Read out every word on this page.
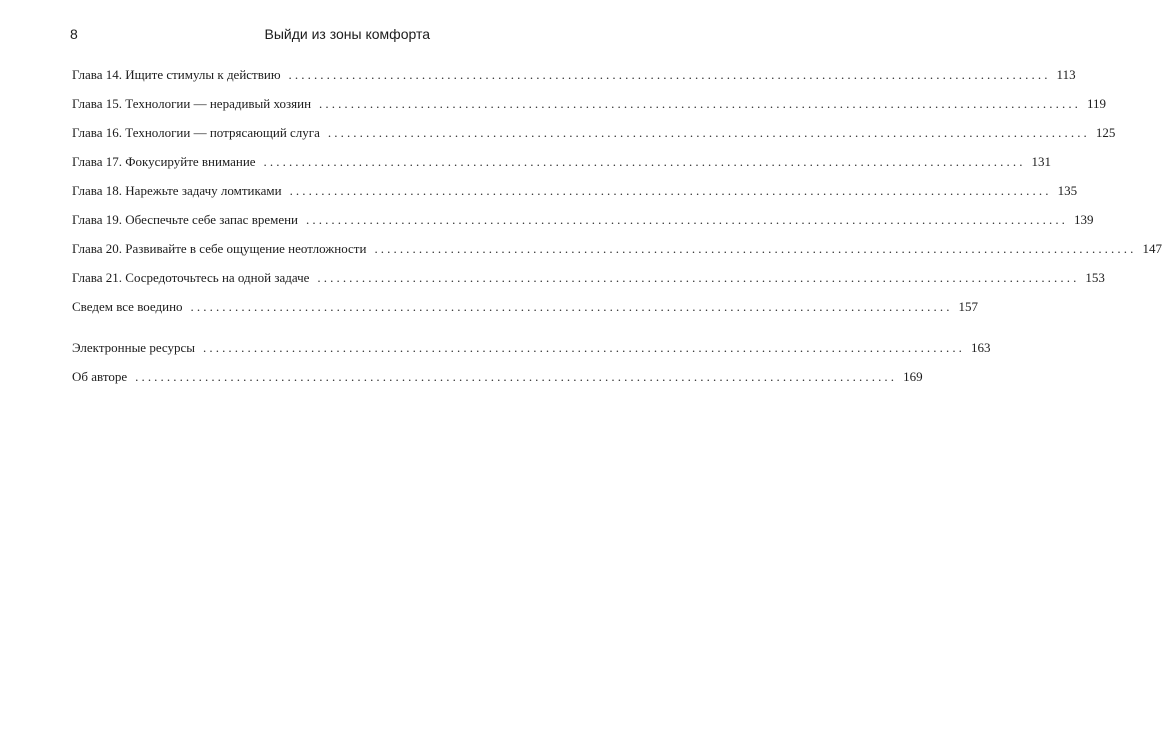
8	Выйди из зоны комфорта
Глава 14. Ищите стимулы к действию ........................................................................................................................ 113
Глава 15. Технологии — нерадивый хозяин ........................................................................................................................ 119
Глава 16. Технологии — потрясающий слуга ........................................................................................................................ 125
Глава 17. Фокусируйте внимание ........................................................................................................................ 131
Глава 18. Нарежьте задачу ломтиками ........................................................................................................................ 135
Глава 19. Обеспечьте себе запас времени ........................................................................................................................ 139
Глава 20. Развивайте в себе ощущение неотложности ........................................................................................................................ 147
Глава 21. Сосредоточьтесь на одной задаче ........................................................................................................................ 153
Сведем все воедино ........................................................................................................................ 157
Электронные ресурсы ........................................................................................................................ 163
Об авторе ........................................................................................................................ 169
